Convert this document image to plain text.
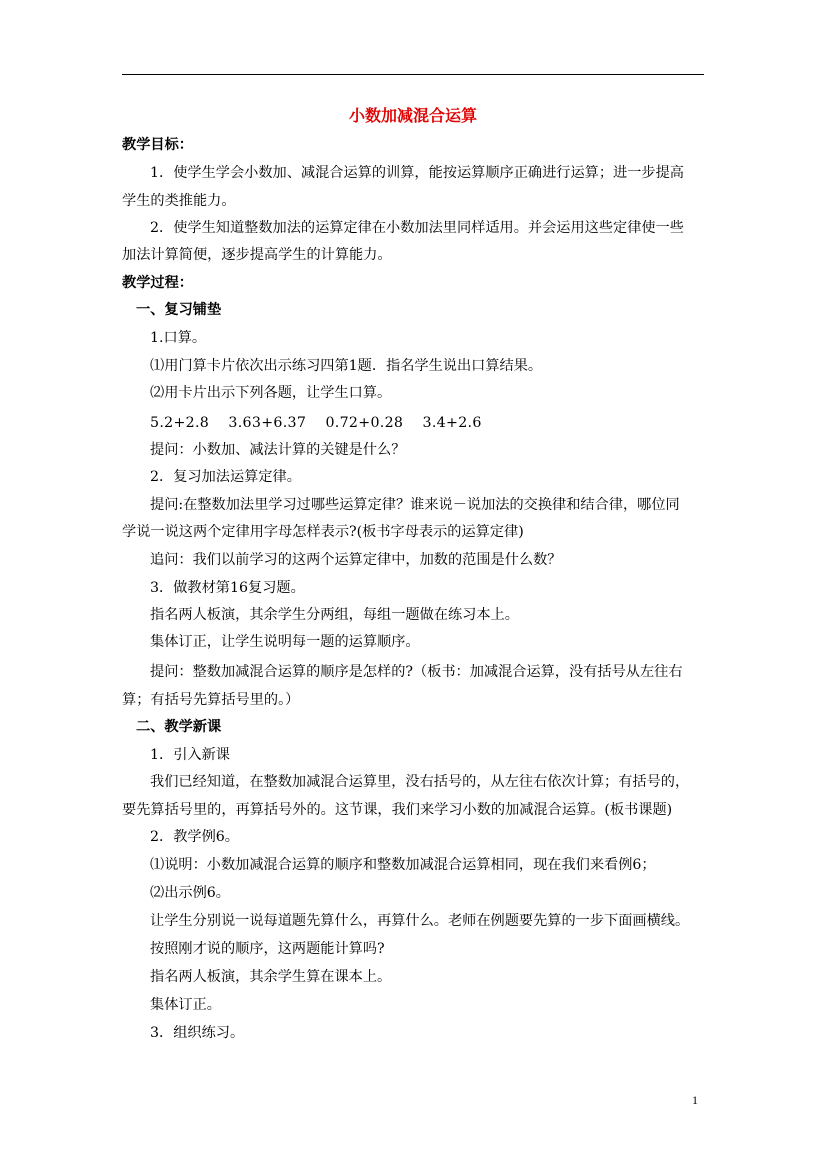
小数加减混合运算
教学目标：
1．使学生学会小数加、减混合运算的训算，能按运算顺序正确进行运算；进一步提高
学生的类推能力。
2．使学生知道整数加法的运算定律在小数加法里同样适用。并会运用这些定律使一些
加法计算简便，逐步提高学生的计算能力。
教学过程：
一、复习铺垫
1.口算。
⑴用门算卡片依次出示练习四第1题．指名学生说出口算结果。
⑵用卡片出示下列各题，让学生口算。
5.2+2.8　 3.63+6.37　 0.72+0.28　 3.4+2.6
提问：小数加、减法计算的关键是什么？
2．复习加法运算定律。
提问:在整数加法里学习过哪些运算定律？谁来说－说加法的交换律和结合律，哪位同
学说一说这两个定律用字母怎样表示?(板书字母表示的运算定律)
追问：我们以前学习的这两个运算定律中，加数的范围是什么数？
3．做教材第16复习题。
指名两人板演，其余学生分两组，每组一题做在练习本上。
集体订正，让学生说明每一题的运算顺序。
提问：整数加减混合运算的顺序是怎样的?（板书：加减混合运算，没有括号从左往右
算；有括号先算括号里的。）
二、教学新课
1．引入新课
我们已经知道，在整数加减混合运算里，没右括号的，从左往右依次计算；有括号的，
要先算括号里的，再算括号外的。这节课，我们来学习小数的加减混合运算。(板书课题)
2．教学例6。
⑴说明：小数加减混合运算的顺序和整数加减混合运算相同，现在我们来看例6；
⑵出示例6。
让学生分别说一说每道题先算什么，再算什么。老师在例题要先算的一步下面画横线。
按照刚才说的顺序，这两题能计算吗?
指名两人板演，其余学生算在课本上。
集体订正。
3．组织练习。
1
